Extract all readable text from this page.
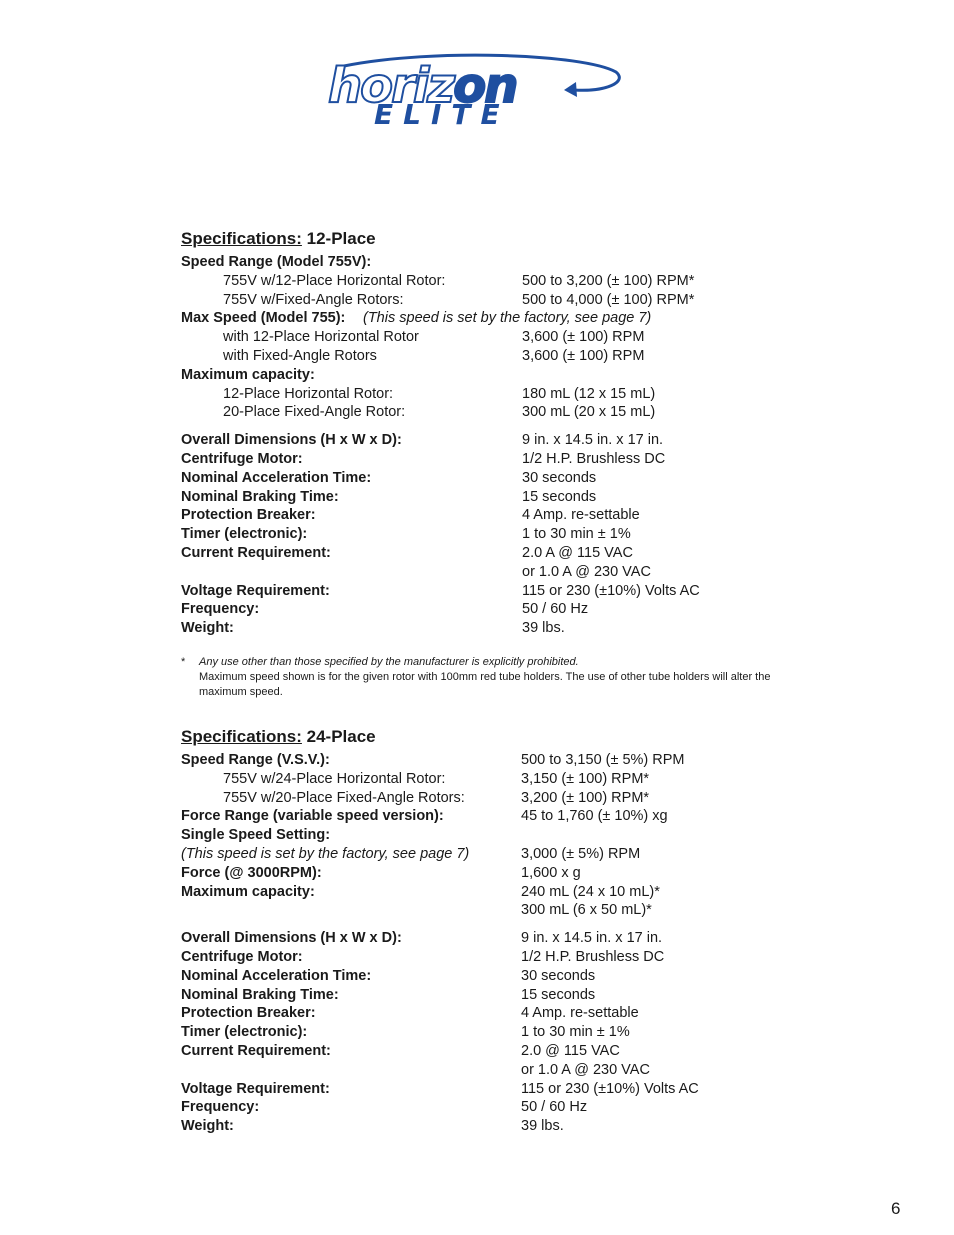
horizon
ELITE
Specifications: 12-Place
Speed Range (Model 755V):
755V w/12-Place Horizontal Rotor:	500 to 3,200 (± 100) RPM*
755V w/Fixed-Angle Rotors:	500 to 4,000 (± 100) RPM*
Max Speed (Model 755): (This speed is set by the factory, see page 7)
with 12-Place Horizontal Rotor	3,600 (± 100) RPM
with Fixed-Angle Rotors	3,600 (± 100) RPM
Maximum capacity:
12-Place Horizontal Rotor:	180 mL (12 x 15 mL)
20-Place Fixed-Angle Rotor:	300 mL (20 x 15 mL)
Overall Dimensions (H x W x D):	9 in. x 14.5 in. x 17 in.
Centrifuge Motor:	1/2 H.P. Brushless DC
Nominal Acceleration Time:	30 seconds
Nominal Braking Time:	15 seconds
Protection Breaker:	4 Amp. re-settable
Timer (electronic):	1 to 30 min ± 1%
Current Requirement:	2.0 A @ 115 VAC
or 1.0 A @ 230 VAC
Voltage Requirement:	115 or 230 (±10%) Volts AC
Frequency:	50 / 60 Hz
Weight:	39 lbs.
* Any use other than those specified by the manufacturer is explicitly prohibited.
Maximum speed shown is for the given rotor with 100mm red tube holders. The use of other tube holders will alter the maximum speed.
Specifications: 24-Place
Speed Range (V.S.V.):	500 to 3,150 (± 5%) RPM
755V w/24-Place Horizontal Rotor:	3,150 (± 100) RPM*
755V w/20-Place Fixed-Angle Rotors:	3,200 (± 100) RPM*
Force Range (variable speed version):	45 to 1,760 (± 10%) xg
Single Speed Setting:
(This speed is set by the factory, see page 7)	3,000 (± 5%) RPM
Force (@ 3000RPM):	1,600 x g
Maximum capacity:	240 mL (24 x 10 mL)*
300 mL (6 x 50 mL)*
Overall Dimensions (H x W x D):	9 in. x 14.5 in. x 17 in.
Centrifuge Motor:	1/2 H.P. Brushless DC
Nominal Acceleration Time:	30 seconds
Nominal Braking Time:	15 seconds
Protection Breaker:	4 Amp. re-settable
Timer (electronic):	1 to 30 min ± 1%
Current Requirement:	2.0 @ 115 VAC
or 1.0 A @ 230 VAC
Voltage Requirement:	115 or 230 (±10%) Volts AC
Frequency:	50 / 60 Hz
Weight:	39 lbs.
6
